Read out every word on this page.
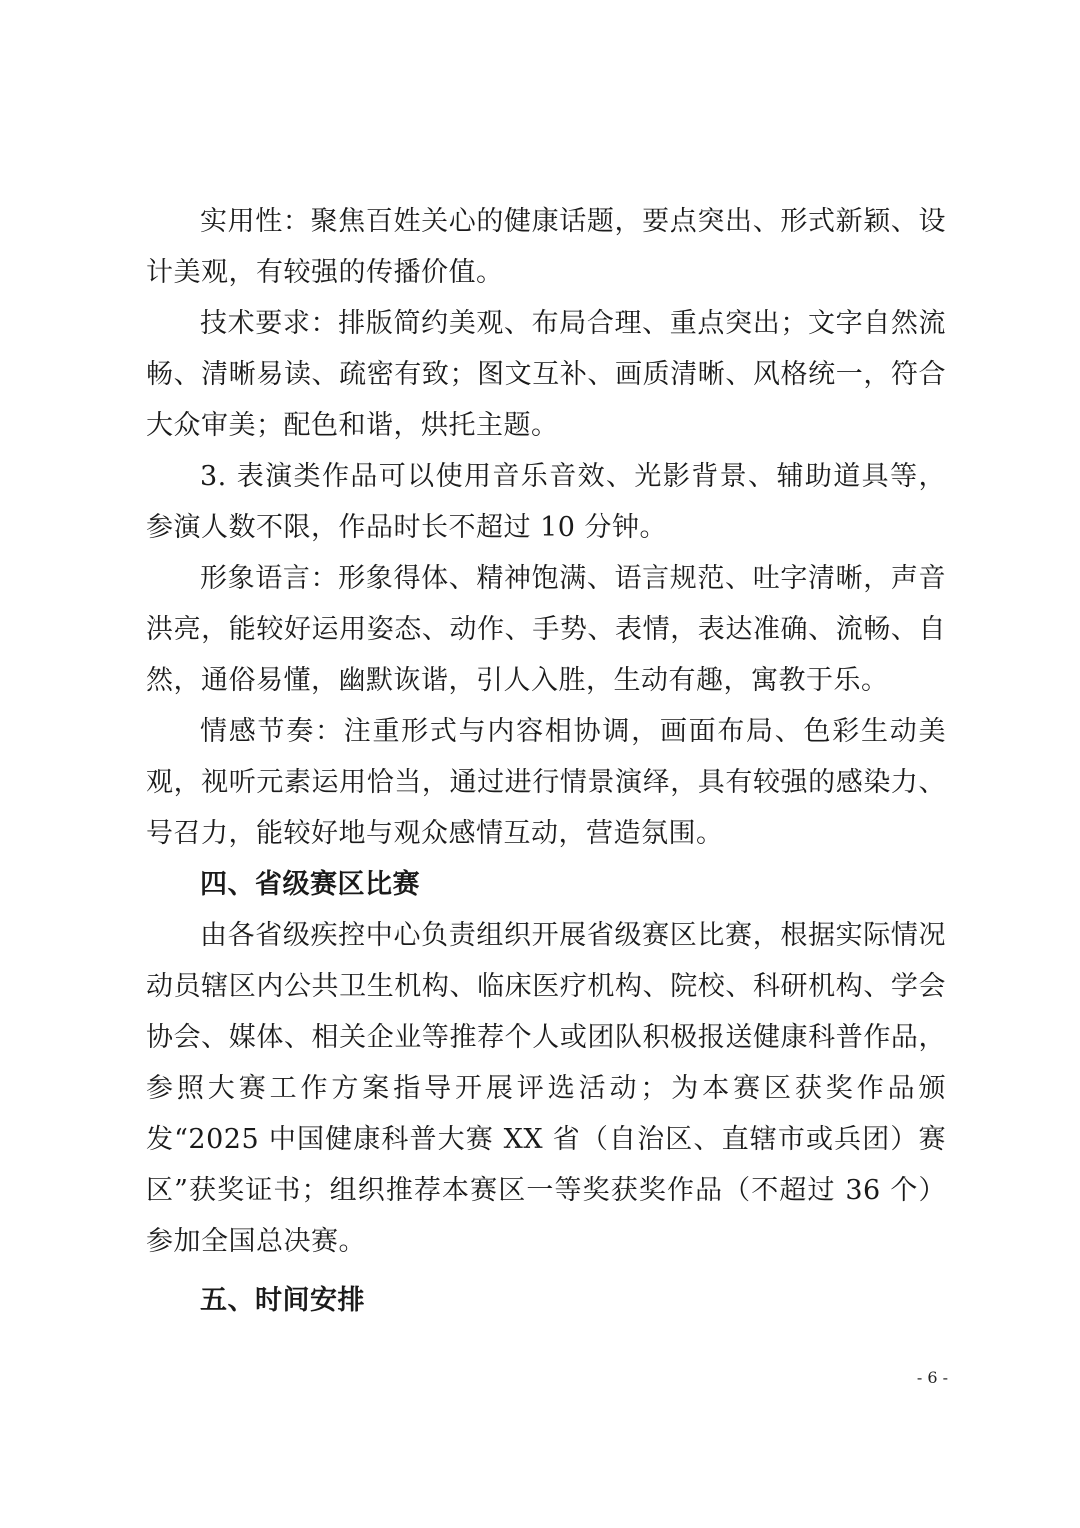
实用性：聚焦百姓关心的健康话题，要点突出、形式新颖、设计美观，有较强的传播价值。

技术要求：排版简约美观、布局合理、重点突出；文字自然流畅、清晰易读、疏密有致；图文互补、画质清晰、风格统一，符合大众审美；配色和谐，烘托主题。

3. 表演类作品可以使用音乐音效、光影背景、辅助道具等，参演人数不限，作品时长不超过 10 分钟。

形象语言：形象得体、精神饱满、语言规范、吐字清晰，声音洪亮，能较好运用姿态、动作、手势、表情，表达准确、流畅、自然，通俗易懂，幽默诙谐，引人入胜，生动有趣，寓教于乐。

情感节奏：注重形式与内容相协调，画面布局、色彩生动美观，视听元素运用恰当，通过进行情景演绎，具有较强的感染力、号召力，能较好地与观众感情互动，营造氛围。

四、省级赛区比赛

由各省级疾控中心负责组织开展省级赛区比赛，根据实际情况动员辖区内公共卫生机构、临床医疗机构、院校、科研机构、学会协会、媒体、相关企业等推荐个人或团队积极报送健康科普作品，参照大赛工作方案指导开展评选活动；为本赛区获奖作品颁发“2025 中国健康科普大赛 XX 省（自治区、直辖市或兵团）赛区”获奖证书；组织推荐本赛区一等奖获奖作品（不超过 36 个）参加全国总决赛。

五、时间安排

- 6 -
